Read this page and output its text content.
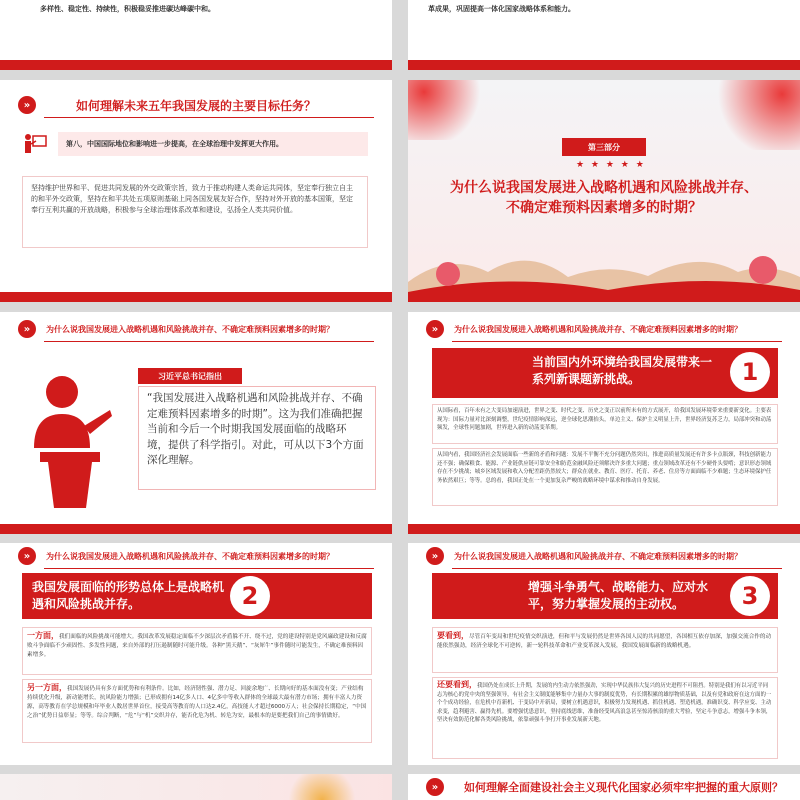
多样性、稳定性、持续性，积极稳妥推进碳达峰碳中和。	革成果，巩固提高一体化国家战略体系和能力。
»	如何理解未来五年我国发展的主要目标任务？
第八，中国国际地位和影响进一步提高，在全球治理中发挥更大作用。
坚持维护世界和平、促进共同发展的外交政策宗旨，致力于推动构建人类命运共同体，坚定奉行独立自主的和平外交政策，坚持在和平共处五项原则基础上同各国发展友好合作，坚持对外开放的基本国策，坚定奉行互利共赢的开放战略，积极参与全球治理体系改革和建设，弘扬全人类共同价值。
第三部分
★ ★ ★ ★ ★
为什么说我国发展进入战略机遇和风险挑战并存、不确定难预料因素增多的时期？
»	为什么说我国发展进入战略机遇和风险挑战并存、不确定难预料因素增多的时期？
习近平总书记指出
“我国发展进入战略机遇和风险挑战并存、不确定难预料因素增多的时期”。这为我们准确把握当前和今后一个时期我国发展面临的战略环境，提供了科学指引。对此，可从以下3个方面深化理解。
»	为什么说我国发展进入战略机遇和风险挑战并存、不确定难预料因素增多的时期？
当前国内外环境给我国发展带来一系列新课题新挑战。	1
从国际看，百年未有之大变局加速演进，世界之变、时代之变、历史之变正以前所未有的方式展开，给我国发展环境带来重要新变化。主要表现为：国际力量对比深刻调整，世纪疫情影响深远，逆全球化思潮抬头，单边主义、保护主义明显上升，世界经济复苏乏力，局部冲突和动荡频发，全球性问题加剧，世界进入新的动荡变革期。
从国内看，我国经济社会发展面临一些新的矛盾和问题：发展不平衡不充分问题仍然突出，推进高质量发展还有许多卡点瓶颈，科技创新能力还不强；确保粮食、能源、产业链供应链可靠安全和防范金融风险还须解决许多重大问题；重点领域改革还有不少硬骨头要啃；意识形态领域存在不少挑战；城乡区域发展和收入分配差距仍然较大；群众在就业、教育、医疗、托育、养老、住房等方面面临不少难题；生态环境保护任务依然艰巨；等等。总的看，我国正处在一个更加复杂严峻的战略环境中谋求和推动自身发展。
»	为什么说我国发展进入战略机遇和风险挑战并存、不确定难预料因素增多的时期？
我国发展面临的形势总体上是战略机遇和风险挑战并存。	2
一方面，我们面临的风险挑战可能增大。我国改革发展稳定面临不少深层次矛盾躲不开、绕不过，党的建设特别是党风廉政建设和反腐败斗争面临不少顽固性、多发性问题，来自外部的打压遏制随时可能升级。各种“黑天鹅”、“灰犀牛”事件随时可能发生，不确定难预料因素增多。
另一方面，我国发展仍具有多方面优势和有利条件。比如，经济韧性强、潜力足、回旋余地广、长期向好的基本面没有变；产业结构持续优化升级，新动能增长，抗风险能力增强；已形成拥有14亿多人口、4亿多中等收入群体的全球最大最有潜力市场；拥有丰富人力资源，高等教育在学总规模和年毕业人数居世界首位，接受高等教育的人口达2.4亿，高技能人才超过6000万人；社会保持长期稳定，“中国之治”优势日益彰显；等等。综合判断，“危”与“机”交织并存，能否化危为机、转危为安，最根本的是要把我们自己的事情做好。
»	为什么说我国发展进入战略机遇和风险挑战并存、不确定难预料因素增多的时期？
增强斗争勇气、战略能力、应对水平，努力掌握发展的主动权。	3
要看到，尽管百年变局和世纪疫情交织演进，但和平与发展仍然是世界各国人民的共同愿望，各国相互依存加深，加强交流合作的动能依然强劲，经济全球化不可逆转，新一轮科技革命和产业变革深入发展，我国发展面临新的战略机遇。
还要看到，我国仍处在成长上升期，发展的内生动力依然强劲，实现中华民族伟大复兴的历史进程不可阻挡。特别是我们有以习近平同志为核心的党中央的坚强领导，有社会主义制度能够集中力量办大事的制度优势，有长期积累的雄厚物质基础，以及有党和政府在这方面的一个个成功经验，在危机中育新机、于变局中开新局，要树立机遇意识，积极努力发现机遇、抓住机遇、塑造机遇，准确识变、科学应变、主动求变，趋利避害、赢得先机。要增强忧患意识，坚持底线思维，准备经受风高浪急甚至惊涛骇浪的重大考验，坚定斗争意志，增强斗争本领，坚决有效防范化解各类风险挑战，依靠顽强斗争打开事业发展新天地。
»	如何理解全面建设社会主义现代化国家必须牢牢把握的重大原则？
